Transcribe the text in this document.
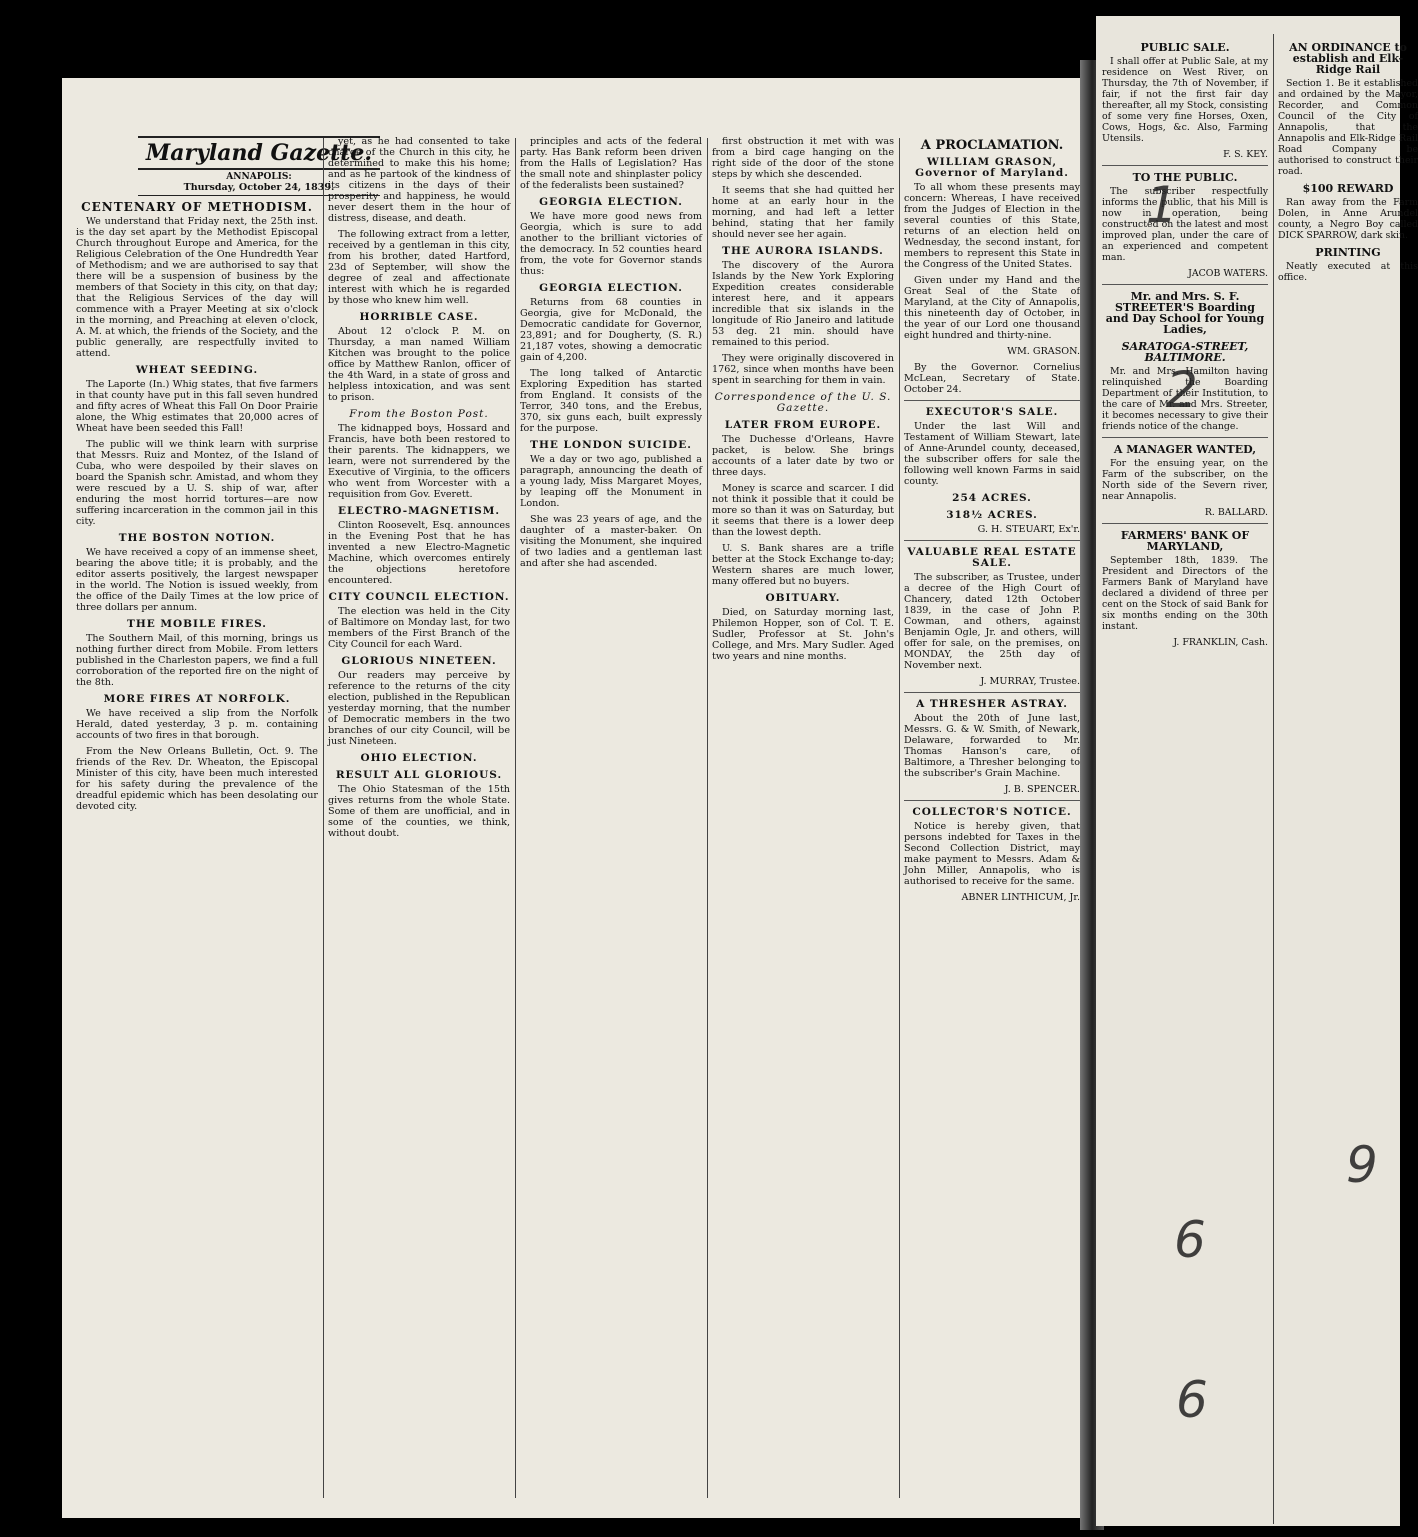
Maryland Gazette.
ANNAPOLIS:
Thursday, October 24, 1839.
CENTENARY OF METHODISM.

We understand that Friday next, the 25th inst. is the day set apart by the Methodist Episcopal Church throughout Europe and America, for the Religious Celebration of the One Hundredth Year of Methodism; and we are authorised to say that there will be a suspension of business by the members of that Society in this city, on that day; that the Religious Services of the day will commence with a Prayer Meeting at six o'clock in the morning, and Preaching at eleven o'clock, A. M. at which, the friends of the Society, and the public generally, are respectfully invited to attend.

WHEAT SEEDING.

The Laporte (In.) Whig states, that five farmers in that county have put in this fall seven hundred and fifty acres of Wheat this Fall On Door Prairie alone, the Whig estimates that 20,000 acres of Wheat have been seeded this Fall!

The public will we think learn with surprise that Messrs. Ruiz and Montez, of the Island of Cuba, who were despoiled by their slaves on board the Spanish schr. Amistad, and whom they were rescued by a U. S. ship of war, after enduring the most horrid tortures—are now suffering incarceration in the common jail in this city.

THE BOSTON NOTION.

We have received a copy of an immense sheet, bearing the above title; it is probably, and the editor asserts positively, the largest newspaper in the world. The Notion is issued weekly, from the office of the Daily Times at the low price of three dollars per annum.

THE MOBILE FIRES.

The Southern Mail, of this morning, brings us nothing further direct from Mobile. From letters published in the Charleston papers, we find a full corroboration of the reported fire on the night of the 8th.

MORE FIRES AT NORFOLK.

We have received a slip from the Norfolk Herald, dated yesterday, 3 p. m. containing accounts of two fires in that borough.

From the New Orleans Bulletin, Oct. 9. The friends of the Rev. Dr. Wheaton, the Episcopal Minister of this city, have been much interested for his safety during the prevalence of the dreadful epidemic which has been desolating our devoted city.

yet, as he had consented to take charge of the Church in this city, he determined to make this his home; and as he partook of the kindness of its citizens in the days of their prosperity and happiness, he would never desert them in the hour of distress, disease, and death.

The following extract from a letter, received by a gentleman in this city, from his brother, dated Hartford, 23d of September, will show the degree of zeal and affectionate interest with which he is regarded by those who knew him well.

HORRIBLE CASE.

About 12 o'clock P. M. on Thursday, a man named William Kitchen was brought to the police office by Matthew Ranlon, officer of the 4th Ward, in a state of gross and helpless intoxication, and was sent to prison.

From the Boston Post.

The kidnapped boys, Hossard and Francis, have both been restored to their parents. The kidnappers, we learn, were not surrendered by the Executive of Virginia, to the officers who went from Worcester with a requisition from Gov. Everett.

ELECTRO-MAGNETISM.

Clinton Roosevelt, Esq. announces in the Evening Post that he has invented a new Electro-Magnetic Machine, which overcomes entirely the objections heretofore encountered.

CITY COUNCIL ELECTION.

The election was held in the City of Baltimore on Monday last, for two members of the First Branch of the City Council for each Ward.

GLORIOUS NINETEEN.

Our readers may perceive by reference to the returns of the city election, published in the Republican yesterday morning, that the number of Democratic members in the two branches of our city Council, will be just Nineteen.

OHIO ELECTION.
RESULT ALL GLORIOUS.

The Ohio Statesman of the 15th gives returns from the whole State. Some of them are unofficial, and in some of the counties, we think, without doubt.

principles and acts of the federal party. Has Bank reform been driven from the Halls of Legislation? Has the small note and shinplaster policy of the federalists been sustained?

GEORGIA ELECTION.

We have more good news from Georgia, which is sure to add another to the brilliant victories of the democracy. In 52 counties heard from, the vote for Governor stands thus:

GEORGIA ELECTION.

Returns from 68 counties in Georgia, give for McDonald, the Democratic candidate for Governor, 23,891; and for Dougherty, (S. R.) 21,187 votes, showing a democratic gain of 4,200.

The long talked of Antarctic Exploring Expedition has started from England. It consists of the Terror, 340 tons, and the Erebus, 370, six guns each, built expressly for the purpose.

THE LONDON SUICIDE.

We a day or two ago, published a paragraph, announcing the death of a young lady, Miss Margaret Moyes, by leaping off the Monument in London.

She was 23 years of age, and the daughter of a master-baker. On visiting the Monument, she inquired of two ladies and a gentleman last and after she had ascended.

first obstruction it met with was from a bird cage hanging on the right side of the door of the stone steps by which she descended.

It seems that she had quitted her home at an early hour in the morning, and had left a letter behind, stating that her family should never see her again.

THE AURORA ISLANDS.

The discovery of the Aurora Islands by the New York Exploring Expedition creates considerable interest here, and it appears incredible that six islands in the longitude of Rio Janeiro and latitude 53 deg. 21 min. should have remained to this period.

They were originally discovered in 1762, since when months have been spent in searching for them in vain.

Correspondence of the U. S. Gazette.
LATER FROM EUROPE.

The Duchesse d'Orleans, Havre packet, is below. She brings accounts of a later date by two or three days.

Money is scarce and scarcer. I did not think it possible that it could be more so than it was on Saturday, but it seems that there is a lower deep than the lowest depth.

U. S. Bank shares are a trifle better at the Stock Exchange to-day; Western shares are much lower, many offered but no buyers.

OBITUARY.

Died, on Saturday morning last, Philemon Hopper, son of Col. T. E. Sudler, Professor at St. John's College, and Mrs. Mary Sudler. Aged two years and nine months.

A PROCLAMATION.
WILLIAM GRASON, Governor of Maryland.

To all whom these presents may concern: Whereas, I have received from the Judges of Election in the several counties of this State, returns of an election held on Wednesday, the second instant, for members to represent this State in the Congress of the United States.

Given under my Hand and the Great Seal of the State of Maryland, at the City of Annapolis, this nineteenth day of October, in the year of our Lord one thousand eight hundred and thirty-nine.

WM. GRASON.

By the Governor. Cornelius McLean, Secretary of State. October 24.

EXECUTOR'S SALE.

Under the last Will and Testament of William Stewart, late of Anne-Arundel county, deceased, the subscriber offers for sale the following well known Farms in said county.

254 ACRES.
318½ ACRES.

G. H. STEUART, Ex'r.

VALUABLE REAL ESTATE SALE.

The subscriber, as Trustee, under a decree of the High Court of Chancery, dated 12th October 1839, in the case of John P. Cowman, and others, against Benjamin Ogle, Jr. and others, will offer for sale, on the premises, on MONDAY, the 25th day of November next.

J. MURRAY, Trustee.

A THRESHER ASTRAY.

About the 20th of June last, Messrs. G. & W. Smith, of Newark, Delaware, forwarded to Mr. Thomas Hanson's care, of Baltimore, a Thresher belonging to the subscriber's Grain Machine.

J. B. SPENCER.

COLLECTOR'S NOTICE.

Notice is hereby given, that persons indebted for Taxes in the Second Collection District, may make payment to Messrs. Adam & John Miller, Annapolis, who is authorised to receive for the same.

ABNER LINTHICUM, Jr.

PUBLIC SALE.

I shall offer at Public Sale, at my residence on West River, on Thursday, the 7th of November, if fair, if not the first fair day thereafter, all my Stock, consisting of some very fine Horses, Oxen, Cows, Hogs, &c. Also, Farming Utensils.

F. S. KEY.

TO THE PUBLIC.

The subscriber respectfully informs the public, that his Mill is now in operation, being constructed on the latest and most improved plan, under the care of an experienced and competent man.

JACOB WATERS.

Mr. and Mrs. S. F. STREETER'S Boarding and Day School for Young Ladies,
SARATOGA-STREET, BALTIMORE.

Mr. and Mrs. Hamilton having relinquished the Boarding Department of their Institution, to the care of Mr. and Mrs. Streeter, it becomes necessary to give their friends notice of the change.

A MANAGER WANTED,

For the ensuing year, on the Farm of the subscriber, on the North side of the Severn river, near Annapolis.

R. BALLARD.

FARMERS' BANK OF MARYLAND,

September 18th, 1839. The President and Directors of the Farmers Bank of Maryland have declared a dividend of three per cent on the Stock of said Bank for six months ending on the 30th instant.

J. FRANKLIN, Cash.

AN ORDINANCE to establish and Elk-Ridge Rail

Section 1. Be it established and ordained by the Mayor, Recorder, and Common Council of the City of Annapolis, that the Annapolis and Elk-Ridge Rail Road Company be authorised to construct their road.

$100 REWARD

Ran away from the Farm Dolen, in Anne Arundel county, a Negro Boy called DICK SPARROW, dark skin.

PRINTING

Neatly executed at this office.

1
2
6
6
9
